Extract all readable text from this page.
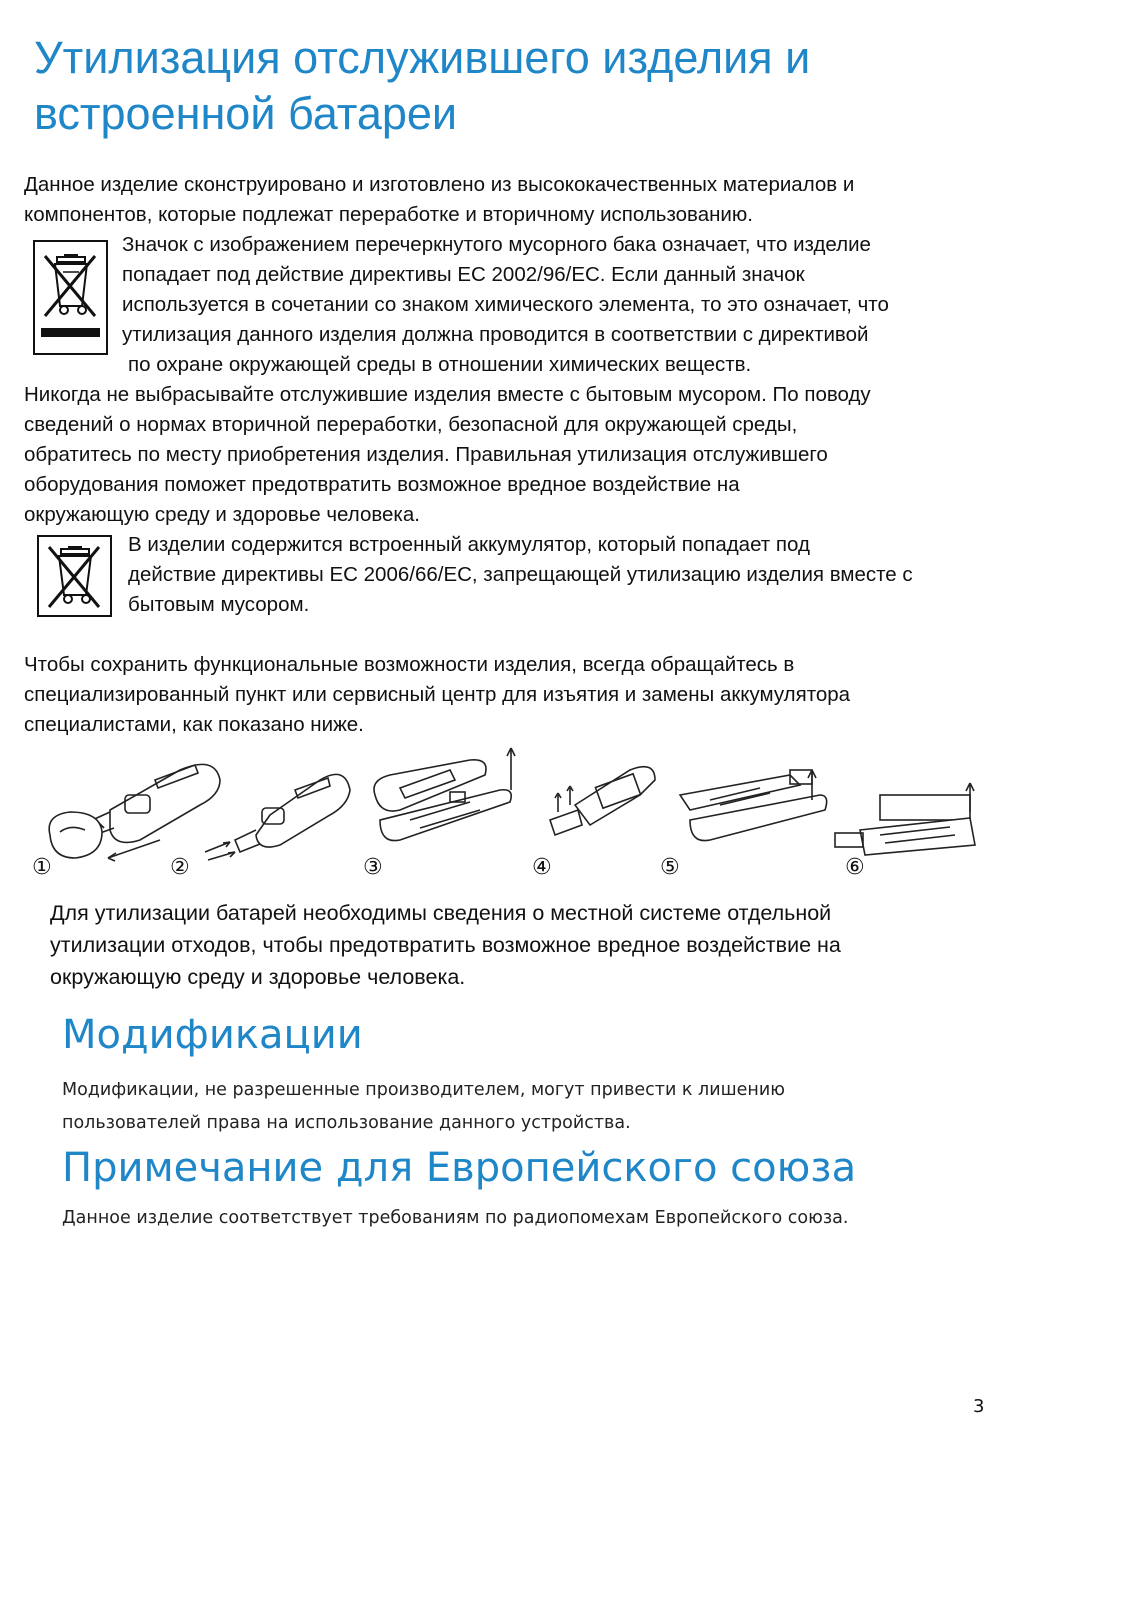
Утилизация отслужившего изделия и
встроенной батареи

Данное изделие сконструировано и изготовлено из высококачественных материалов и

компонентов, которые подлежат переработке и вторичному использованию.

Значок с изображением перечеркнутого мусорного бака означает, что изделие

попадает под действие директивы ЕС 2002/96/EC. Если данный значок

используется в сочетании со знаком химического элемента, то это означает, что

утилизация данного изделия должна проводится в соответствии с директивой

по охране окружающей среды в отношении химических веществ.

Никогда не выбрасывайте отслужившие изделия вместе с бытовым мусором. По поводу

сведений о нормах вторичной переработки, безопасной для окружающей среды,

обратитесь по месту приобретения изделия. Правильная утилизация отслужившего

оборудования поможет предотвратить возможное вредное воздействие на

окружающую среду и здоровье человека.

В изделии содержится встроенный аккумулятор, который попадает под

действие директивы ЕС 2006/66/EC, запрещающей утилизацию изделия вместе с

бытовым мусором.

Чтобы сохранить функциональные возможности изделия, всегда обращайтесь в

специализированный пункт или сервисный центр для изъятия и замены аккумулятора

специалистами, как показано ниже.

①	②	③	④	⑤	⑥

Для утилизации батарей необходимы сведения о местной системе отдельной

утилизации отходов, чтобы предотвратить возможное вредное воздействие на

окружающую среду и здоровье человека.

Модификации

Модификации, не разрешенные производителем, могут привести к лишению

пользователей права на использование данного устройства.

Примечание для Европейского союза

Данное изделие соответствует требованиям по радиопомехам Европейского союза.

3
